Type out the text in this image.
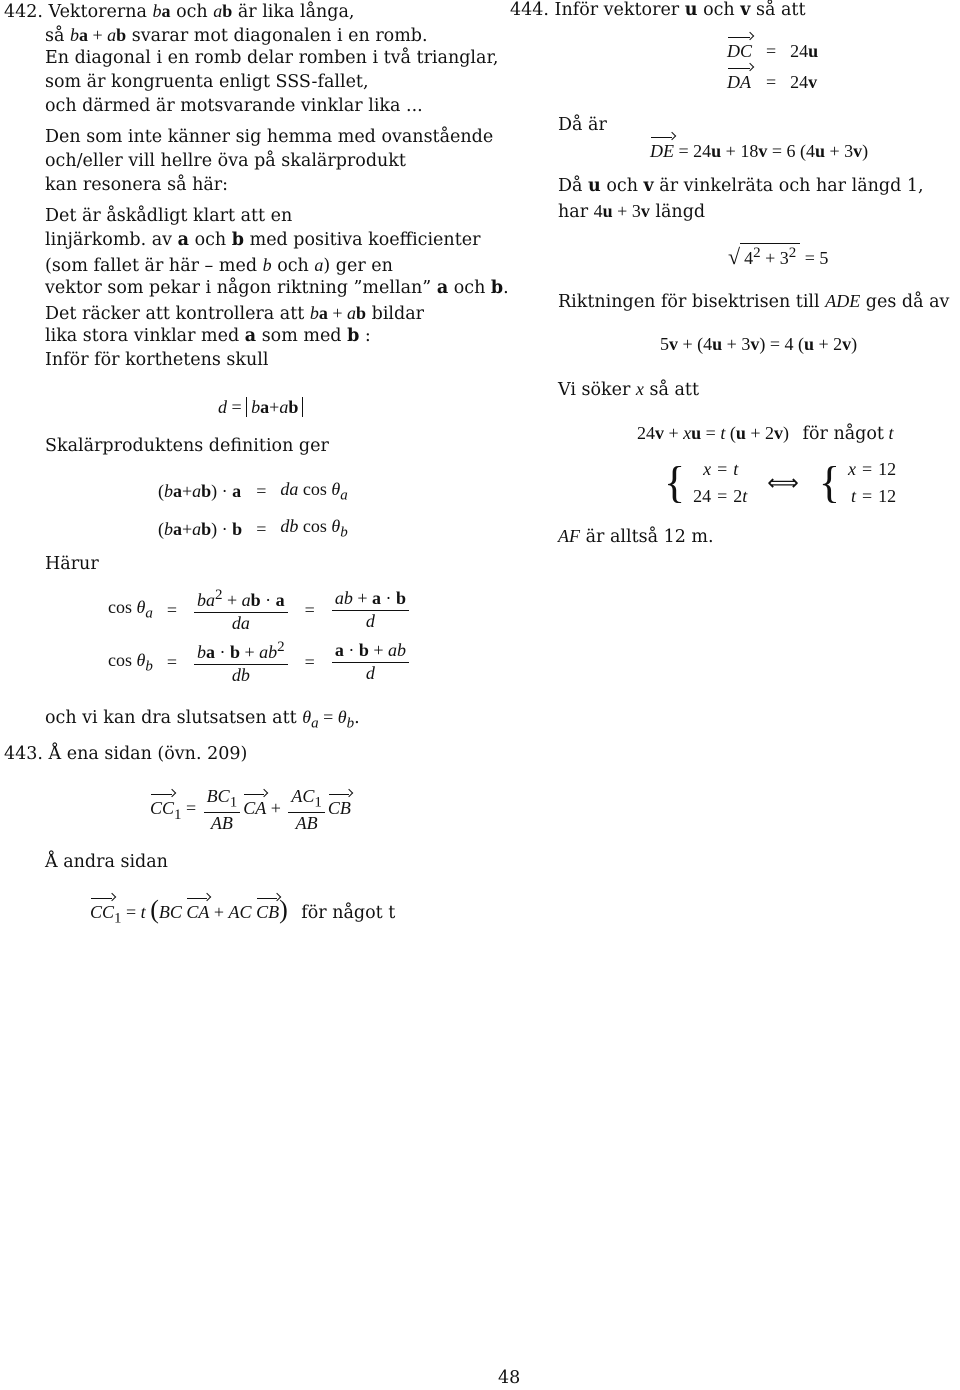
442. Vektorerna ba och ab är lika långa,
så ba + ab svarar mot diagonalen i en romb.
En diagonal i en romb delar romben i två trianglar,
som är kongruenta enligt SSS-fallet,
och därmed är motsvarande vinklar lika ...
Den som inte känner sig hemma med ovanstående
och/eller vill hellre öva på skalärprodukt
kan resonera så här:
Det är åskådligt klart att en
linjärkomb. av a och b med positiva koefficienter
(som fallet är här – med b och a) ger en
vektor som pekar i någon riktning ”mellan” a och b.
Det räcker att kontrollera att ba + ab bildar
lika stora vinklar med a som med b :
Inför för korthetens skull
d = ba+ab
Skalärproduktens definition ger
(ba+ab) · a = da $\cos \theta_a$
(ba+ab) · b = db $\cos \theta_b$
Härur
$\cos \theta_a = \frac{ba^2 + ab \cdot a}{da} = \frac{ab + a \cdot b}{d}$
$\cos \theta_b = \frac{ba \cdot b + ab^2}{db} = \frac{a \cdot b + ab}{d}$
och vi kan dra slutsatsen att $\theta_a = \theta_b$.
443. Å ena sidan (övn. 209)
$CC_1 = \frac{BC_1}{AB}$ CA + $\frac{AC_1}{AB}$ CB
Å andra sidan
$CC_1 = t$ (BC CA + AC CB) för något t
444. Inför vektorer u och v så att
DC = 24u
DA = 24v
Då är
DE = 24u + 18v = 6 (4u + 3v)
Då u och v är vinkelräta och har längd 1,
har 4u + 3v längd
√ $4^2 + 3^2 = 5$
Riktningen för bisektrisen till ADE ges då av
5v + (4u + 3v) = 4 (u + 2v)
Vi söker x så att
24v + xu = t (u + 2v)   för något t
{	x = t
24 = 2t
⟺ { x = 12
t = 12
AF är alltså 12 m.
48
